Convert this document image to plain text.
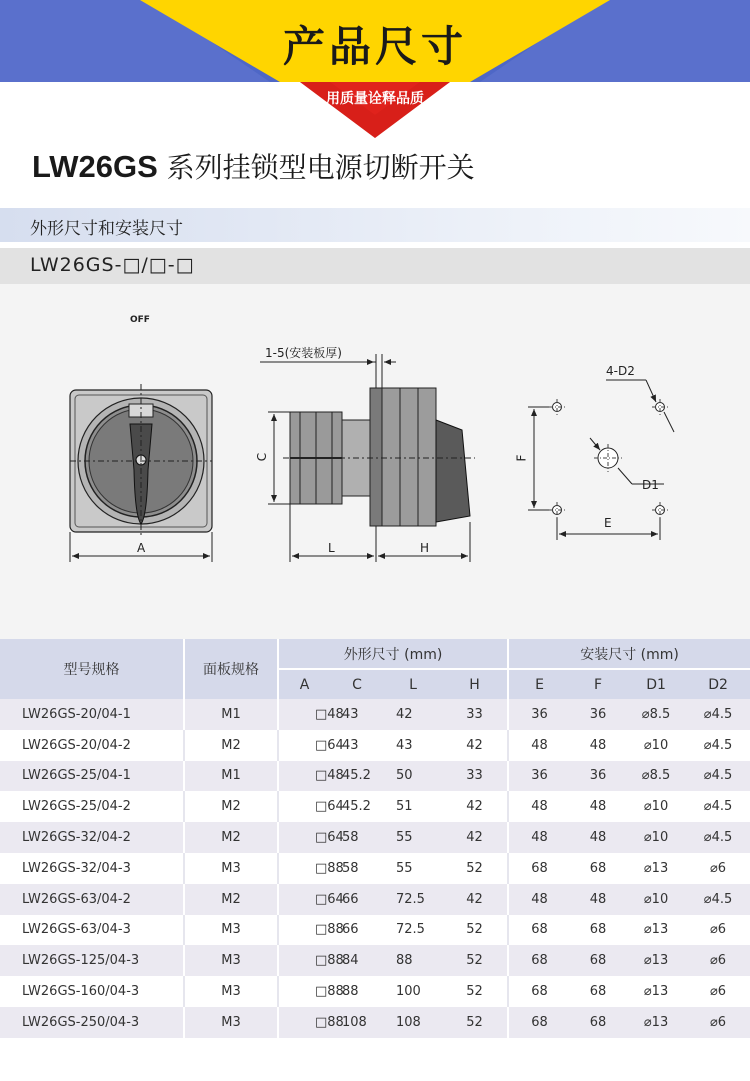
产品尺寸
用质量诠释品质
LW26GS 系列挂锁型电源切断开关
外形尺寸和安装尺寸
LW26GS-□/□-□
OFF
A
C
L	H
1-5(安装板厚)
4-D2
F
E
D1
型号规格	面板规格	外形尺寸 (mm)				安装尺寸 (mm)			
		A	C	L	H	E	F	D1	D2
LW26GS-20/04-1	M1	□48	43	42	33	36	36	⌀8.5	⌀4.5
LW26GS-20/04-2	M2	□64	43	43	42	48	48	⌀10	⌀4.5
LW26GS-25/04-1	M1	□48	45.2	50	33	36	36	⌀8.5	⌀4.5
LW26GS-25/04-2	M2	□64	45.2	51	42	48	48	⌀10	⌀4.5
LW26GS-32/04-2	M2	□64	58	55	42	48	48	⌀10	⌀4.5
LW26GS-32/04-3	M3	□88	58	55	52	68	68	⌀13	⌀6
LW26GS-63/04-2	M2	□64	66	72.5	42	48	48	⌀10	⌀4.5
LW26GS-63/04-3	M3	□88	66	72.5	52	68	68	⌀13	⌀6
LW26GS-125/04-3	M3	□88	84	88	52	68	68	⌀13	⌀6
LW26GS-160/04-3	M3	□88	88	100	52	68	68	⌀13	⌀6
LW26GS-250/04-3	M3	□88	108	108	52	68	68	⌀13	⌀6
